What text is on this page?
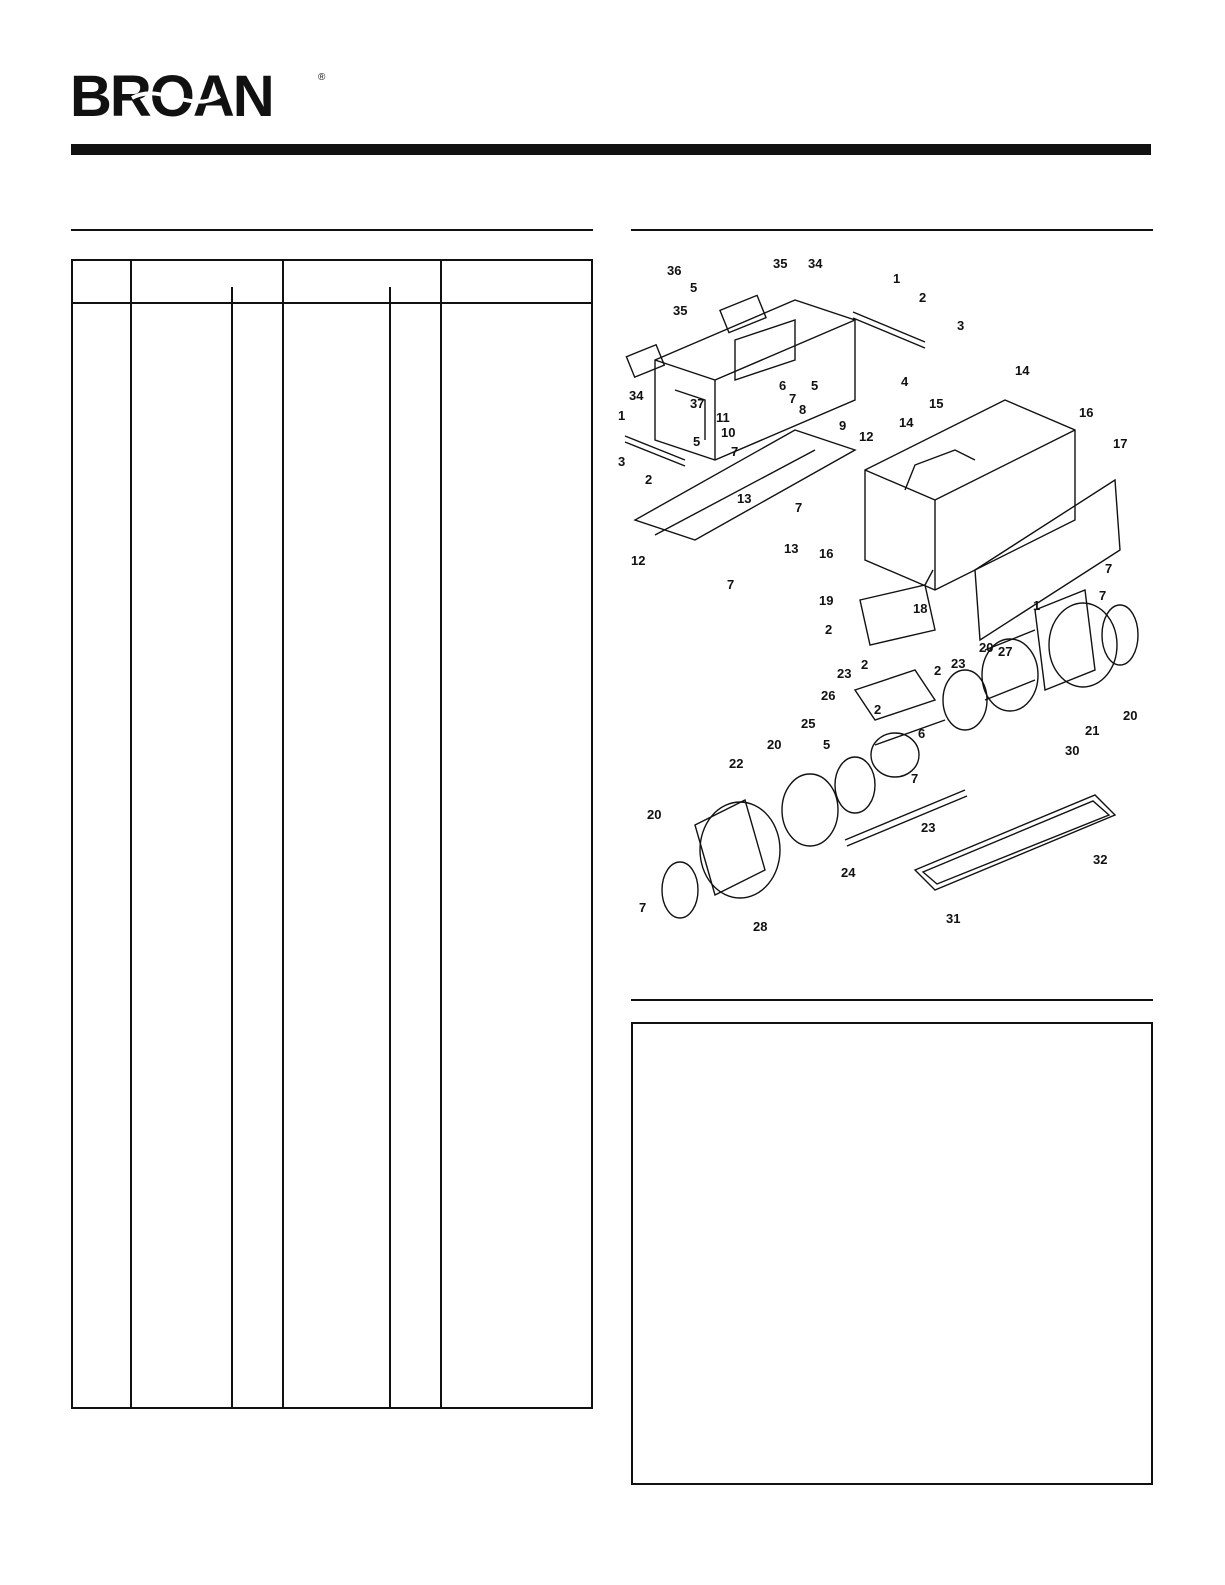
BROAN	®
36	35 34
5
35
1
2
3
34
37
4
5
6
7
11
8
1
10	9
14
14
15
16
17
5
7
12
3
2
13
7
13 16
12
7
18
7
19
2
1
7
2
23	2 23
20 27
26
2
25
5
6
20
21
20
22
7
30
20
23
32
24
7
28
31
